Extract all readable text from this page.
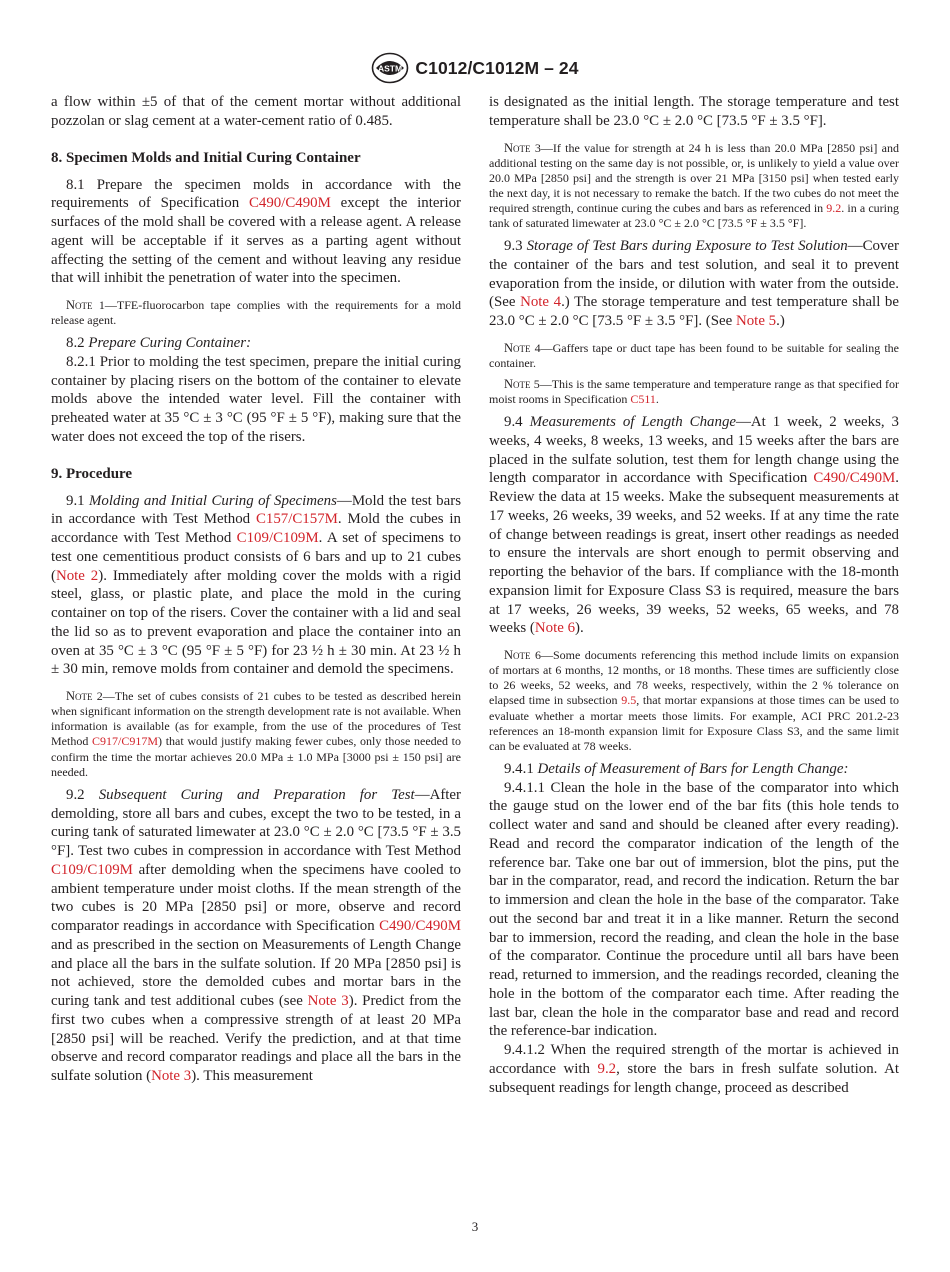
ASTM C1012/C1012M – 24

a flow within ±5 of that of the cement mortar without additional pozzolan or slag cement at a water-cement ratio of 0.485.

8. Specimen Molds and Initial Curing Container

8.1 Prepare the specimen molds in accordance with the requirements of Specification C490/C490M except the interior surfaces of the mold shall be covered with a release agent. A release agent will be acceptable if it serves as a parting agent without affecting the setting of the cement and without leaving any residue that will inhibit the penetration of water into the specimen.

Note 1—TFE-fluorocarbon tape complies with the requirements for a mold release agent.

8.2 Prepare Curing Container:

8.2.1 Prior to molding the test specimen, prepare the initial curing container by placing risers on the bottom of the container to elevate molds above the intended water level. Fill the container with preheated water at 35 °C ± 3 °C (95 °F ± 5 °F), making sure that the water does not exceed the top of the risers.

9. Procedure

9.1 Molding and Initial Curing of Specimens—Mold the test bars in accordance with Test Method C157/C157M. Mold the cubes in accordance with Test Method C109/C109M. A set of specimens to test one cementitious product consists of 6 bars and up to 21 cubes (Note 2). Immediately after molding cover the molds with a rigid steel, glass, or plastic plate, and place the mold in the curing container on top of the risers. Cover the container with a lid and seal the lid so as to prevent evaporation and place the container into an oven at 35 °C ± 3 °C (95 °F ± 5 °F) for 23 ½ h ± 30 min. At 23 ½ h ± 30 min, remove molds from container and demold the specimens.

Note 2—The set of cubes consists of 21 cubes to be tested as described herein when significant information on the strength development rate is not available. When information is available (as for example, from the use of the procedures of Test Method C917/C917M) that would justify making fewer cubes, only those needed to confirm the time the mortar achieves 20.0 MPa ± 1.0 MPa [3000 psi ± 150 psi] are needed.

9.2 Subsequent Curing and Preparation for Test—After demolding, store all bars and cubes, except the two to be tested, in a curing tank of saturated limewater at 23.0 °C ± 2.0 °C [73.5 °F ± 3.5 °F]. Test two cubes in compression in accordance with Test Method C109/C109M after demolding when the specimens have cooled to ambient temperature under moist cloths. If the mean strength of the two cubes is 20 MPa [2850 psi] or more, observe and record comparator readings in accordance with Specification C490/C490M and as prescribed in the section on Measurements of Length Change and place all the bars in the sulfate solution. If 20 MPa [2850 psi] is not achieved, store the demolded cubes and mortar bars in the curing tank and test additional cubes (see Note 3). Predict from the first two cubes when a compressive strength of at least 20 MPa [2850 psi] will be reached. Verify the prediction, and at that time observe and record comparator readings and place all the bars in the sulfate solution (Note 3). This measurement

is designated as the initial length. The storage temperature and test temperature shall be 23.0 °C ± 2.0 °C [73.5 °F ± 3.5 °F].

Note 3—If the value for strength at 24 h is less than 20.0 MPa [2850 psi] and additional testing on the same day is not possible, or, is unlikely to yield a value over 20.0 MPa [2850 psi] and the strength is over 21 MPa [3150 psi] when tested early the next day, it is not necessary to remake the batch. If the two cubes do not meet the required strength, continue curing the cubes and bars as referenced in 9.2. in a curing tank of saturated limewater at 23.0 °C ± 2.0 °C [73.5 °F ± 3.5 °F].

9.3 Storage of Test Bars during Exposure to Test Solution—Cover the container of the bars and test solution, and seal it to prevent evaporation from the inside, or dilution with water from the outside. (See Note 4.) The storage temperature and test temperature shall be 23.0 °C ± 2.0 °C [73.5 °F ± 3.5 °F]. (See Note 5.)

Note 4—Gaffers tape or duct tape has been found to be suitable for sealing the container.

Note 5—This is the same temperature and temperature range as that specified for moist rooms in Specification C511.

9.4 Measurements of Length Change—At 1 week, 2 weeks, 3 weeks, 4 weeks, 8 weeks, 13 weeks, and 15 weeks after the bars are placed in the sulfate solution, test them for length change using the length comparator in accordance with Specification C490/C490M. Review the data at 15 weeks. Make the subsequent measurements at 17 weeks, 26 weeks, 39 weeks, and 52 weeks. If at any time the rate of change between readings is great, insert other readings as needed to ensure the intervals are short enough to permit observing and reporting the behavior of the bars. If compliance with the 18-month expansion limit for Exposure Class S3 is required, measure the bars at 17 weeks, 26 weeks, 39 weeks, 52 weeks, 65 weeks, and 78 weeks (Note 6).

Note 6—Some documents referencing this method include limits on expansion of mortars at 6 months, 12 months, or 18 months. These times are sufficiently close to 26 weeks, 52 weeks, and 78 weeks, respectively, within the 2 % tolerance on elapsed time in subsection 9.5, that mortar expansions at those times can be used to evaluate whether a mortar meets those limits. For example, ACI PRC 201.2-23 references an 18-month expansion limit for Exposure Class S3, and the same limit can be evaluated at 78 weeks.

9.4.1 Details of Measurement of Bars for Length Change:

9.4.1.1 Clean the hole in the base of the comparator into which the gauge stud on the lower end of the bar fits (this hole tends to collect water and sand and should be cleaned after every reading). Read and record the comparator indication of the length of the reference bar. Take one bar out of immersion, blot the pins, put the bar in the comparator, read, and record the indication. Return the bar to immersion and clean the hole in the base of the comparator. Take out the second bar and treat it in a like manner. Return the second bar to immersion, record the reading, and clean the hole in the base of the comparator. Continue the procedure until all bars have been read, returned to immersion, and the readings recorded, cleaning the hole in the bottom of the comparator each time. After reading the last bar, clean the hole in the comparator base and read and record the reference-bar indication.

9.4.1.2 When the required strength of the mortar is achieved in accordance with 9.2, store the bars in fresh sulfate solution. At subsequent readings for length change, proceed as described

3
